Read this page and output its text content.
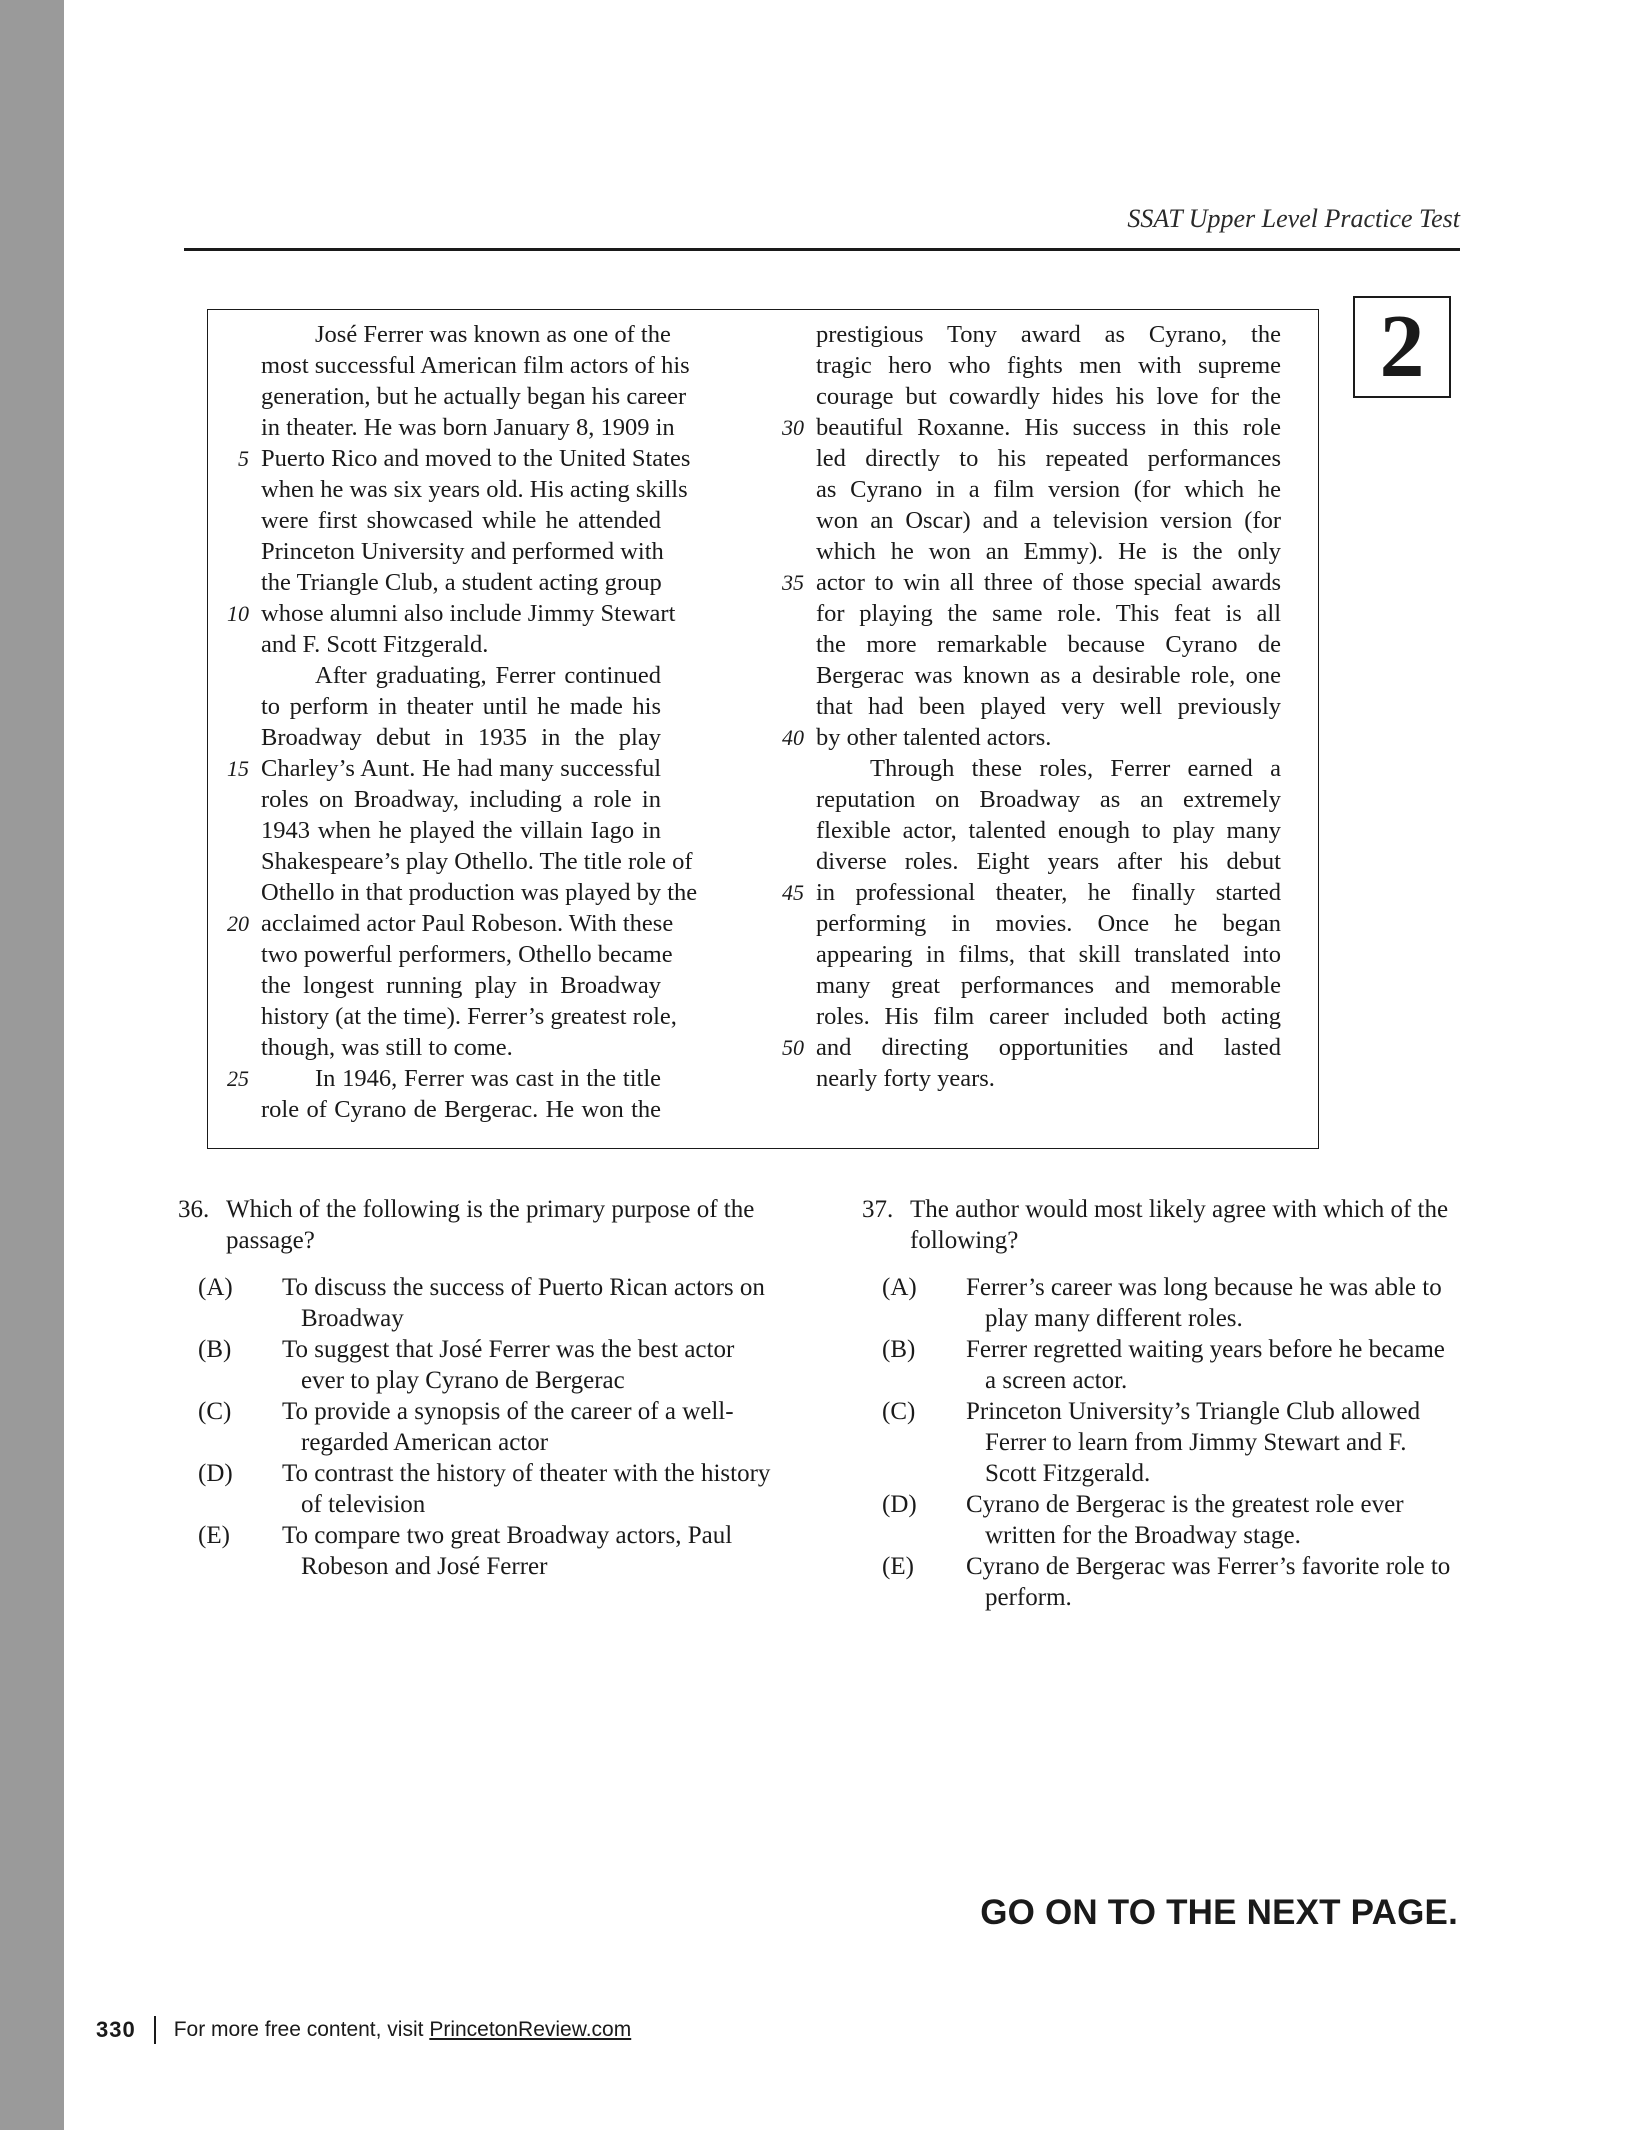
SSAT Upper Level Practice Test
2
José Ferrer was known as one of the
most successful American film actors of his
generation, but he actually began his career
in theater. He was born January 8, 1909 in
Puerto Rico and moved to the United States
5
when he was six years old. His acting skills
were first showcased while he attended
Princeton University and performed with
the Triangle Club, a student acting group
whose alumni also include Jimmy Stewart
10
and F. Scott Fitzgerald.
After graduating, Ferrer continued
to perform in theater until he made his
Broadway debut in 1935 in the play
Charley’s Aunt. He had many successful
15
roles on Broadway, including a role in
1943 when he played the villain Iago in
Shakespeare’s play Othello. The title role of
Othello in that production was played by the
acclaimed actor Paul Robeson. With these
20
two powerful performers, Othello became
the longest running play in Broadway
history (at the time). Ferrer’s greatest role,
though, was still to come.
In 1946, Ferrer was cast in the title
25
role of Cyrano de Bergerac. He won the
prestigious Tony award as Cyrano, the
tragic hero who fights men with supreme
courage but cowardly hides his love for the
beautiful Roxanne. His success in this role
30
led directly to his repeated performances
as Cyrano in a film version (for which he
won an Oscar) and a television version (for
which he won an Emmy). He is the only
actor to win all three of those special awards
35
for playing the same role. This feat is all
the more remarkable because Cyrano de
Bergerac was known as a desirable role, one
that had been played very well previously
by other talented actors.
40
Through these roles, Ferrer earned a
reputation on Broadway as an extremely
flexible actor, talented enough to play many
diverse roles. Eight years after his debut
in professional theater, he finally started
45
performing in movies. Once he began
appearing in films, that skill translated into
many great performances and memorable
roles. His film career included both acting
and directing opportunities and lasted
50
nearly forty years.
36. Which of the following is the primary purpose of the passage?
(A) To discuss the success of Puerto Rican actors on Broadway
(B) To suggest that José Ferrer was the best actor ever to play Cyrano de Bergerac
(C) To provide a synopsis of the career of a well-regarded American actor
(D) To contrast the history of theater with the history of television
(E) To compare two great Broadway actors, Paul Robeson and José Ferrer
37. The author would most likely agree with which of the following?
(A) Ferrer’s career was long because he was able to play many different roles.
(B) Ferrer regretted waiting years before he became a screen actor.
(C) Princeton University’s Triangle Club allowed Ferrer to learn from Jimmy Stewart and F. Scott Fitzgerald.
(D) Cyrano de Bergerac is the greatest role ever written for the Broadway stage.
(E) Cyrano de Bergerac was Ferrer’s favorite role to perform.
GO ON TO THE NEXT PAGE.
330 For more free content, visit PrincetonReview.com
